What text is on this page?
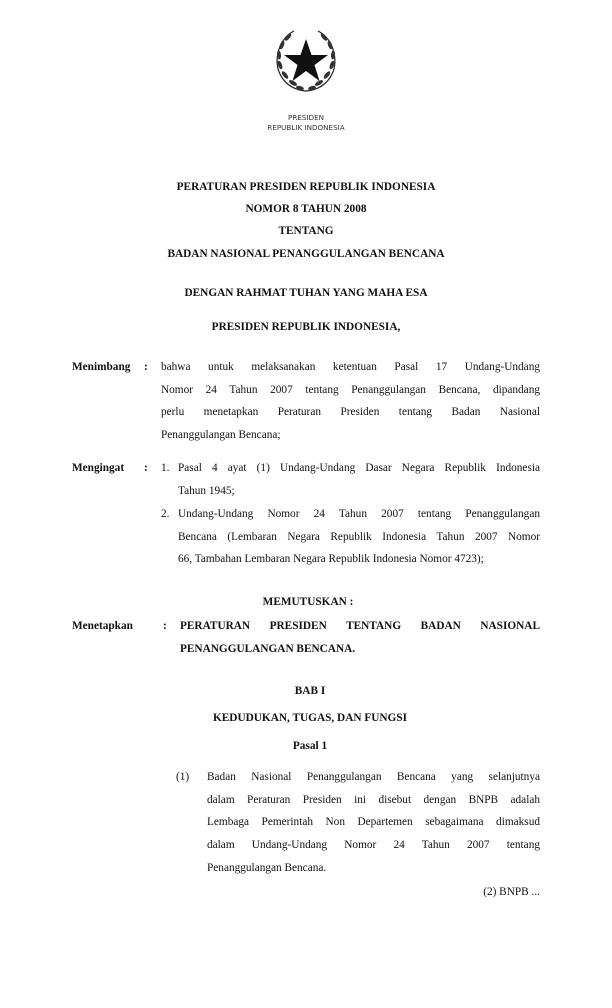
PRESIDEN
REPUBLIK INDONESIA
PERATURAN PRESIDEN REPUBLIK INDONESIA
NOMOR 8 TAHUN 2008
TENTANG
BADAN NASIONAL PENANGGULANGAN BENCANA
DENGAN RAHMAT TUHAN YANG MAHA ESA
PRESIDEN REPUBLIK INDONESIA,
Menimbang : bahwa untuk melaksanakan ketentuan Pasal 17 Undang-Undang
Nomor 24 Tahun 2007 tentang Penanggulangan Bencana, dipandang
perlu menetapkan Peraturan Presiden tentang Badan Nasional
Penanggulangan Bencana;
Mengingat : 1. Pasal 4 ayat (1) Undang-Undang Dasar Negara Republik Indonesia
Tahun 1945;
2. Undang-Undang Nomor 24 Tahun 2007 tentang Penanggulangan
Bencana (Lembaran Negara Republik Indonesia Tahun 2007 Nomor
66, Tambahan Lembaran Negara Republik Indonesia Nomor 4723);
MEMUTUSKAN :
Menetapkan	: PERATURAN PRESIDEN TENTANG BADAN NASIONAL
PENANGGULANGAN BENCANA.
BAB I
KEDUDUKAN, TUGAS, DAN FUNGSI
Pasal 1
(1) Badan Nasional Penanggulangan Bencana yang selanjutnya
dalam Peraturan Presiden ini disebut dengan BNPB adalah
Lembaga Pemerintah Non Departemen sebagaimana dimaksud
dalam Undang-Undang Nomor 24 Tahun 2007 tentang
Penanggulangan Bencana.
(2) BNPB ...
